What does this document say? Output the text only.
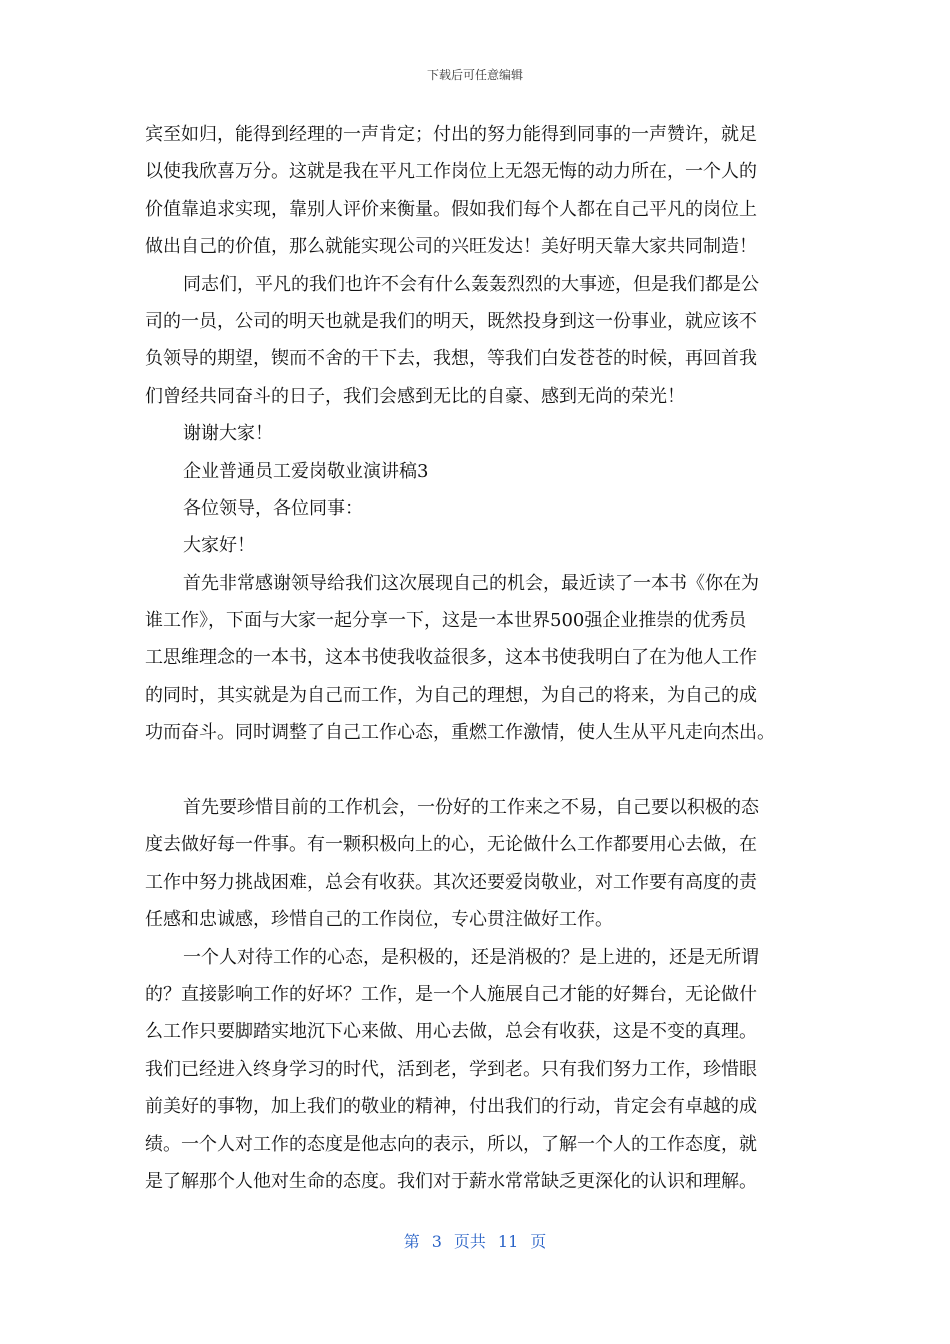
下载后可任意编辑
宾至如归，能得到经理的一声肯定；付出的努力能得到同事的一声赞许，就足
以使我欣喜万分。这就是我在平凡工作岗位上无怨无悔的动力所在，一个人的
价值靠追求实现，靠别人评价来衡量。假如我们每个人都在自己平凡的岗位上
做出自己的价值，那么就能实现公司的兴旺发达！美好明天靠大家共同制造！
同志们，平凡的我们也许不会有什么轰轰烈烈的大事迹，但是我们都是公
司的一员，公司的明天也就是我们的明天，既然投身到这一份事业，就应该不
负领导的期望，锲而不舍的干下去，我想，等我们白发苍苍的时候，再回首我
们曾经共同奋斗的日子，我们会感到无比的自豪、感到无尚的荣光！
谢谢大家！
企业普通员工爱岗敬业演讲稿3
各位领导，各位同事：
大家好！
首先非常感谢领导给我们这次展现自己的机会，最近读了一本书《你在为
谁工作》，下面与大家一起分享一下，这是一本世界500强企业推崇的优秀员
工思维理念的一本书，这本书使我收益很多，这本书使我明白了在为他人工作
的同时，其实就是为自己而工作，为自己的理想，为自己的将来，为自己的成
功而奋斗。同时调整了自己工作心态，重燃工作激情，使人生从平凡走向杰出。
首先要珍惜目前的工作机会，一份好的工作来之不易，自己要以积极的态
度去做好每一件事。有一颗积极向上的心，无论做什么工作都要用心去做，在
工作中努力挑战困难，总会有收获。其次还要爱岗敬业，对工作要有高度的责
任感和忠诚感，珍惜自己的工作岗位，专心贯注做好工作。
一个人对待工作的心态，是积极的，还是消极的？是上进的，还是无所谓
的？直接影响工作的好坏？工作，是一个人施展自己才能的好舞台，无论做什
么工作只要脚踏实地沉下心来做、用心去做，总会有收获，这是不变的真理。
我们已经进入终身学习的时代，活到老，学到老。只有我们努力工作，珍惜眼
前美好的事物，加上我们的敬业的精神，付出我们的行动，肯定会有卓越的成
绩。一个人对工作的态度是他志向的表示，所以，了解一个人的工作态度，就
是了解那个人他对生命的态度。我们对于薪水常常缺乏更深化的认识和理解。
第 3 页共 11 页
